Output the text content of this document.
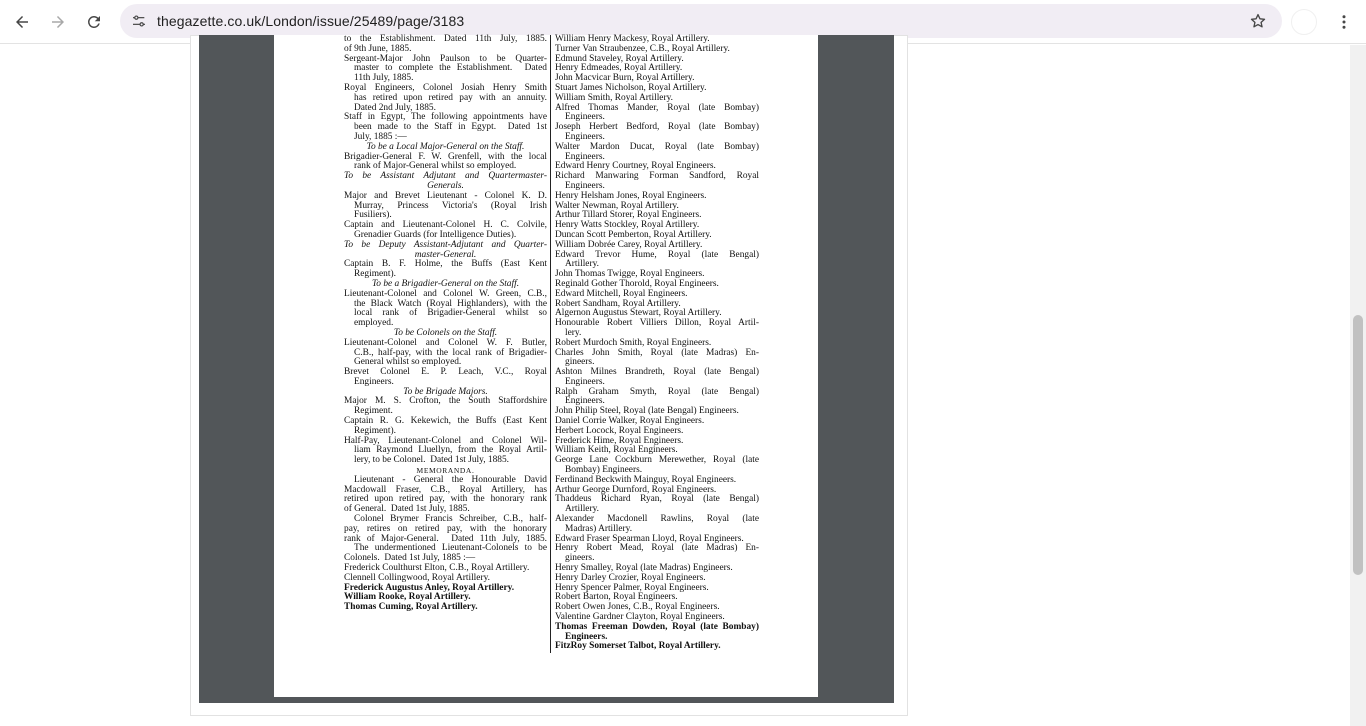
thegazette.co.uk/London/issue/25489/page/3183
to the Establishment. Dated 11th July, 1885.
of 9th June, 1885.
Sergeant-Major John Paulson to be Quarter-
master to complete the Establishment.  Dated
11th July, 1885.
Royal Engineers, Colonel Josiah Henry Smith
has retired upon retired pay with an annuity.
Dated 2nd July, 1885.
Staff in Egypt, The following appointments have
been made to the Staff in Egypt.  Dated 1st
July, 1885 :—
To be a Local Major-General on the Staff.
Brigadier-General F. W. Grenfell, with the local
rank of Major-General whilst so employed.
To be Assistant Adjutant and Quartermaster-
Generals.
Major and Brevet Lieutenant - Colonel K. D.
Murray, Princess Victoria's (Royal Irish
Fusiliers).
Captain and Lieutenant-Colonel H. C. Colvile,
Grenadier Guards (for Intelligence Duties).
To be Deputy Assistant-Adjutant and Quarter-
master-General.
Captain B. F. Holme, the Buffs (East Kent
Regiment).
To be a Brigadier-General on the Staff.
Lieutenant-Colonel and Colonel W. Green, C.B.,
the Black Watch (Royal Highlanders), with the
local rank of Brigadier-General whilst so
employed.
To be Colonels on the Staff.
Lieutenant-Colonel and Colonel W. F. Butler,
C.B., half-pay, with the local rank of Brigadier-
General whilst so employed.
Brevet Colonel E. P. Leach, V.C., Royal
Engineers.
To be Brigade Majors.
Major M. S. Crofton, the South Staffordshire
Regiment.
Captain R. G. Kekewich, the Buffs (East Kent
Regiment).
Half-Pay, Lieutenant-Colonel and Colonel Wil-
liam Raymond Lluellyn, from the Royal Artil-
lery, to be Colonel.  Dated 1st July, 1885.
MEMORANDA.
Lieutenant - General the Honourable David
Macdowall Fraser, C.B., Royal Artillery, has
retired upon retired pay, with the honorary rank
of General.  Dated 1st July, 1885.
Colonel Brymer Francis Schreiber, C.B., half-
pay, retires on retired pay, with the honorary
rank of Major-General.  Dated 11th July, 1885.
The undermentioned Lieutenant-Colonels to be
Colonels.  Dated 1st July, 1885 :—
Frederick Coulthurst Elton, C.B., Royal Artillery.
Clennell Collingwood, Royal Artillery.
Frederick Augustus Anley, Royal Artillery.
William Rooke, Royal Artillery.
Thomas Cuming, Royal Artillery.
William Henry Mackesy, Royal Artillery.
Turner Van Straubenzee, C.B., Royal Artillery.
Edmund Staveley, Royal Artillery.
Henry Edmeades, Royal Artillery.
John Macvicar Burn, Royal Artillery.
Stuart James Nicholson, Royal Artillery.
William Smith, Royal Artillery.
Alfred Thomas Mander, Royal (late Bombay)
Engineers.
Joseph Herbert Bedford, Royal (late Bombay)
Engineers.
Walter Mardon Ducat, Royal (late Bombay)
Engineers.
Edward Henry Courtney, Royal Engineers.
Richard Manwaring Forman Sandford, Royal
Engineers.
Henry Helsham Jones, Royal Engineers.
Walter Newman, Royal Artillery.
Arthur Tillard Storer, Royal Engineers.
Henry Watts Stockley, Royal Artillery.
Duncan Scott Pemberton, Royal Artillery.
William Dobrée Carey, Royal Artillery.
Edward Trevor Hume, Royal (late Bengal)
Artillery.
John Thomas Twigge, Royal Engineers.
Reginald Gother Thorold, Royal Engineers.
Edward Mitchell, Royal Engineers.
Robert Sandham, Royal Artillery.
Algernon Augustus Stewart, Royal Artillery.
Honourable Robert Villiers Dillon, Royal Artil-
lery.
Robert Murdoch Smith, Royal Engineers.
Charles John Smith, Royal (late Madras) En-
gineers.
Ashton Milnes Brandreth, Royal (late Bengal)
Engineers.
Ralph Graham Smyth, Royal (late Bengal)
Engineers.
John Philip Steel, Royal (late Bengal) Engineers.
Daniel Corrie Walker, Royal Engineers.
Herbert Locock, Royal Engineers.
Frederick Hime, Royal Engineers.
William Keith, Royal Engineers.
George Lane Cockburn Merewether, Royal (late
Bombay) Engineers.
Ferdinand Beckwith Mainguy, Royal Engineers.
Arthur George Durnford, Royal Engineers.
Thaddeus Richard Ryan, Royal (late Bengal)
Artillery.
Alexander Macdonell Rawlins, Royal (late
Madras) Artillery.
Edward Fraser Spearman Lloyd, Royal Engineers.
Henry Robert Mead, Royal (late Madras) En-
gineers.
Henry Smalley, Royal (late Madras) Engineers.
Henry Darley Crozier, Royal Engineers.
Henry Spencer Palmer, Royal Engineers.
Robert Barton, Royal Engineers.
Robert Owen Jones, C.B., Royal Engineers.
Valentine Gardner Clayton, Royal Engineers.
Thomas Freeman Dowden, Royal (late Bombay)
Engineers.
FitzRoy Somerset Talbot, Royal Artillery.
